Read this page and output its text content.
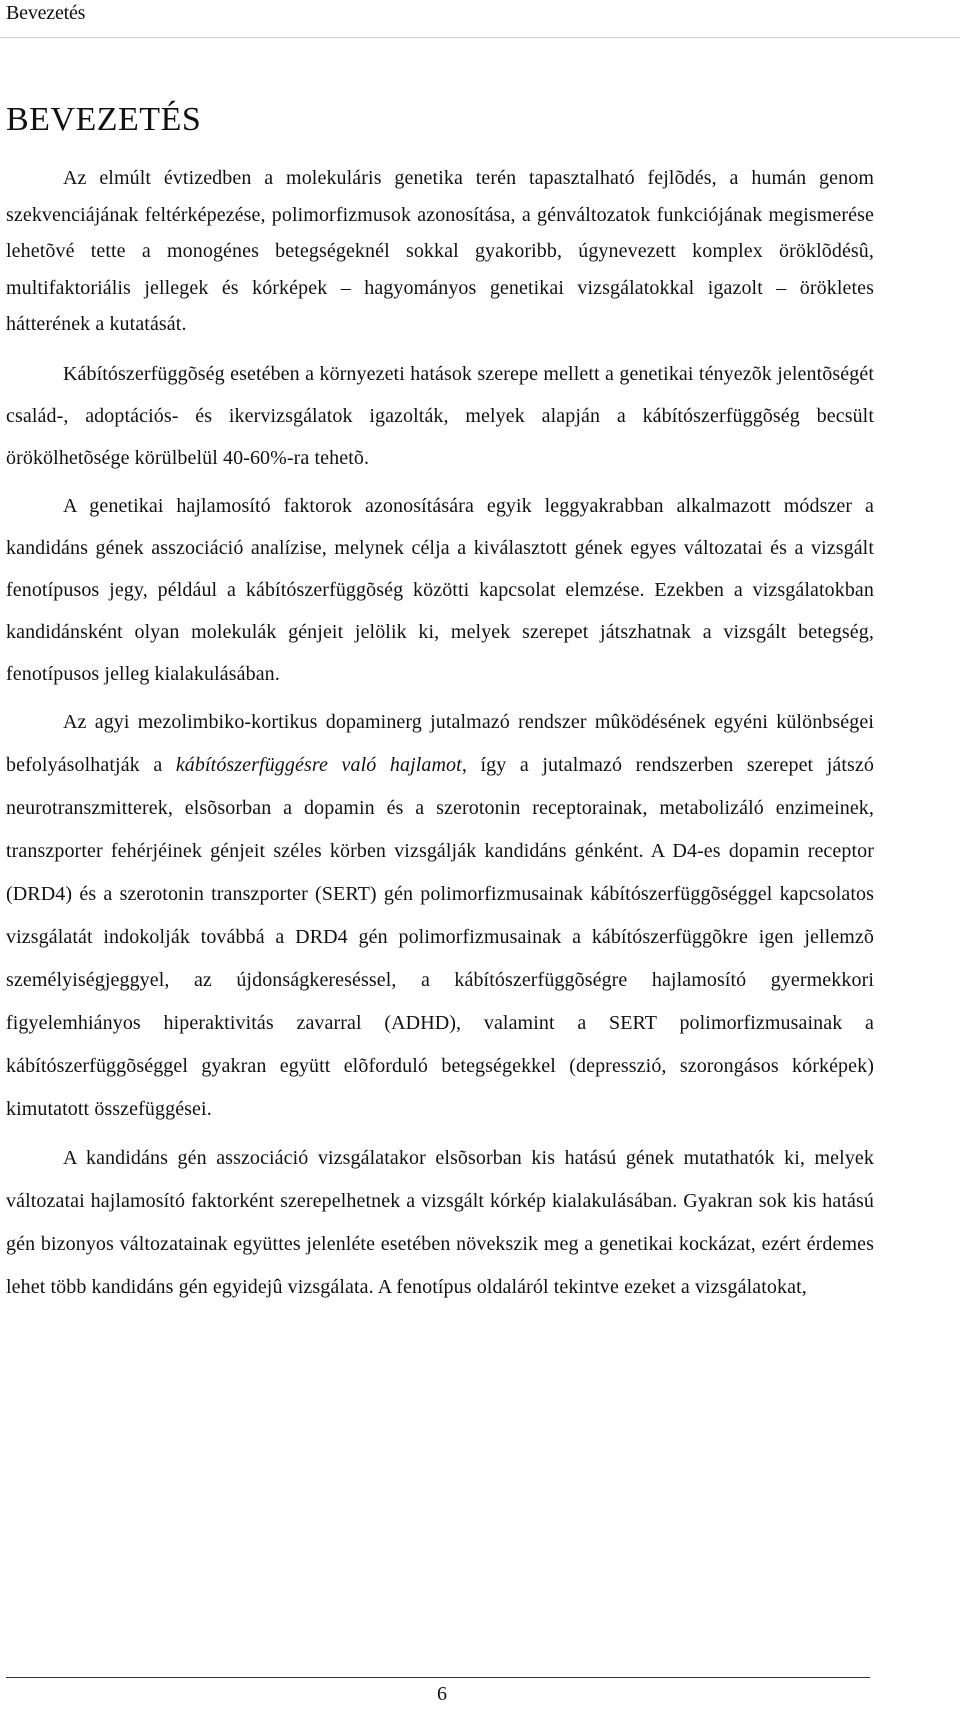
Bevezetés
BEVEZETÉS

Az elmúlt évtizedben a molekuláris genetika terén tapasztalható fejlõdés, a humán genom szekvenciájának feltérképezése, polimorfizmusok azonosítása, a génváltozatok funkciójának megismerése lehetõvé tette a monogénes betegségeknél sokkal gyakoribb, úgynevezett komplex öröklõdésû, multifaktoriális jellegek és kórképek – hagyományos genetikai vizsgálatokkal igazolt – örökletes hátterének a kutatását.

Kábítószerfüggõség esetében a környezeti hatások szerepe mellett a genetikai tényezõk jelentõségét család-, adoptációs- és ikervizsgálatok igazolták, melyek alapján a kábítószerfüggõség becsült örökölhetõsége körülbelül 40-60%-ra tehetõ.

A genetikai hajlamosító faktorok azonosítására egyik leggyakrabban alkalmazott módszer a kandidáns gének asszociáció analízise, melynek célja a kiválasztott gének egyes változatai és a vizsgált fenotípusos jegy, például a kábítószerfüggõség közötti kapcsolat elemzése. Ezekben a vizsgálatokban kandidánsként olyan molekulák génjeit jelölik ki, melyek szerepet játszhatnak a vizsgált betegség, fenotípusos jelleg kialakulásában.

Az agyi mezolimbiko-kortikus dopaminerg jutalmazó rendszer mûködésének egyéni különbségei befolyásolhatják a kábítószerfüggésre való hajlamot, így a jutalmazó rendszerben szerepet játszó neurotranszmitterek, elsõsorban a dopamin és a szerotonin receptorainak, metabolizáló enzimeinek, transzporter fehérjéinek génjeit széles körben vizsgálják kandidáns génként. A D4-es dopamin receptor (DRD4) és a szerotonin transzporter (SERT) gén polimorfizmusainak kábítószerfüggõséggel kapcsolatos vizsgálatát indokolják továbbá a DRD4 gén polimorfizmusainak a kábítószerfüggõkre igen jellemzõ személyiségjeggyel, az újdonságkereséssel, a kábítószerfüggõségre hajlamosító gyermekkori figyelemhiányos hiperaktivitás zavarral (ADHD), valamint a SERT polimorfizmusainak a kábítószerfüggõséggel gyakran együtt elõforduló betegségekkel (depresszió, szorongásos kórképek) kimutatott összefüggései.

A kandidáns gén asszociáció vizsgálatakor elsõsorban kis hatású gének mutathatók ki, melyek változatai hajlamosító faktorként szerepelhetnek a vizsgált kórkép kialakulásában. Gyakran sok kis hatású gén bizonyos változatainak együttes jelenléte esetében növekszik meg a genetikai kockázat, ezért érdemes lehet több kandidáns gén egyidejû vizsgálata. A fenotípus oldaláról tekintve ezeket a vizsgálatokat,

6
